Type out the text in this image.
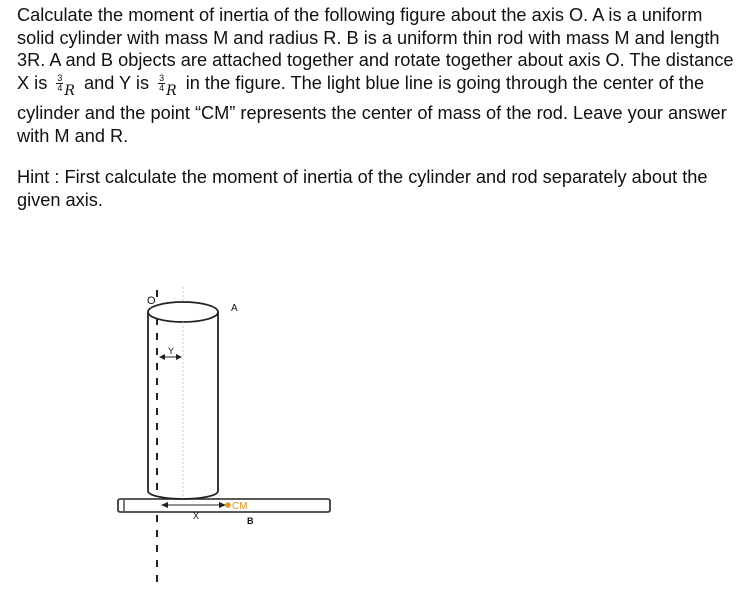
Calculate the moment of inertia of the following figure about the axis O. A is a uniform solid cylinder with mass M and radius R. B is a uniform thin rod with mass M and length 3R. A and B objects are attached together and rotate together about axis O. The distance X is $\frac{3}{4} _R$ and Y is $\frac{3}{4} _R$ in the figure. The light blue line is going through the center of the cylinder and the point “CM” represents the center of mass of the rod. Leave your answer with M and R.

Hint : First calculate the moment of inertia of the cylinder and rod separately about the given axis.

Y
X
CM
O
A
B
